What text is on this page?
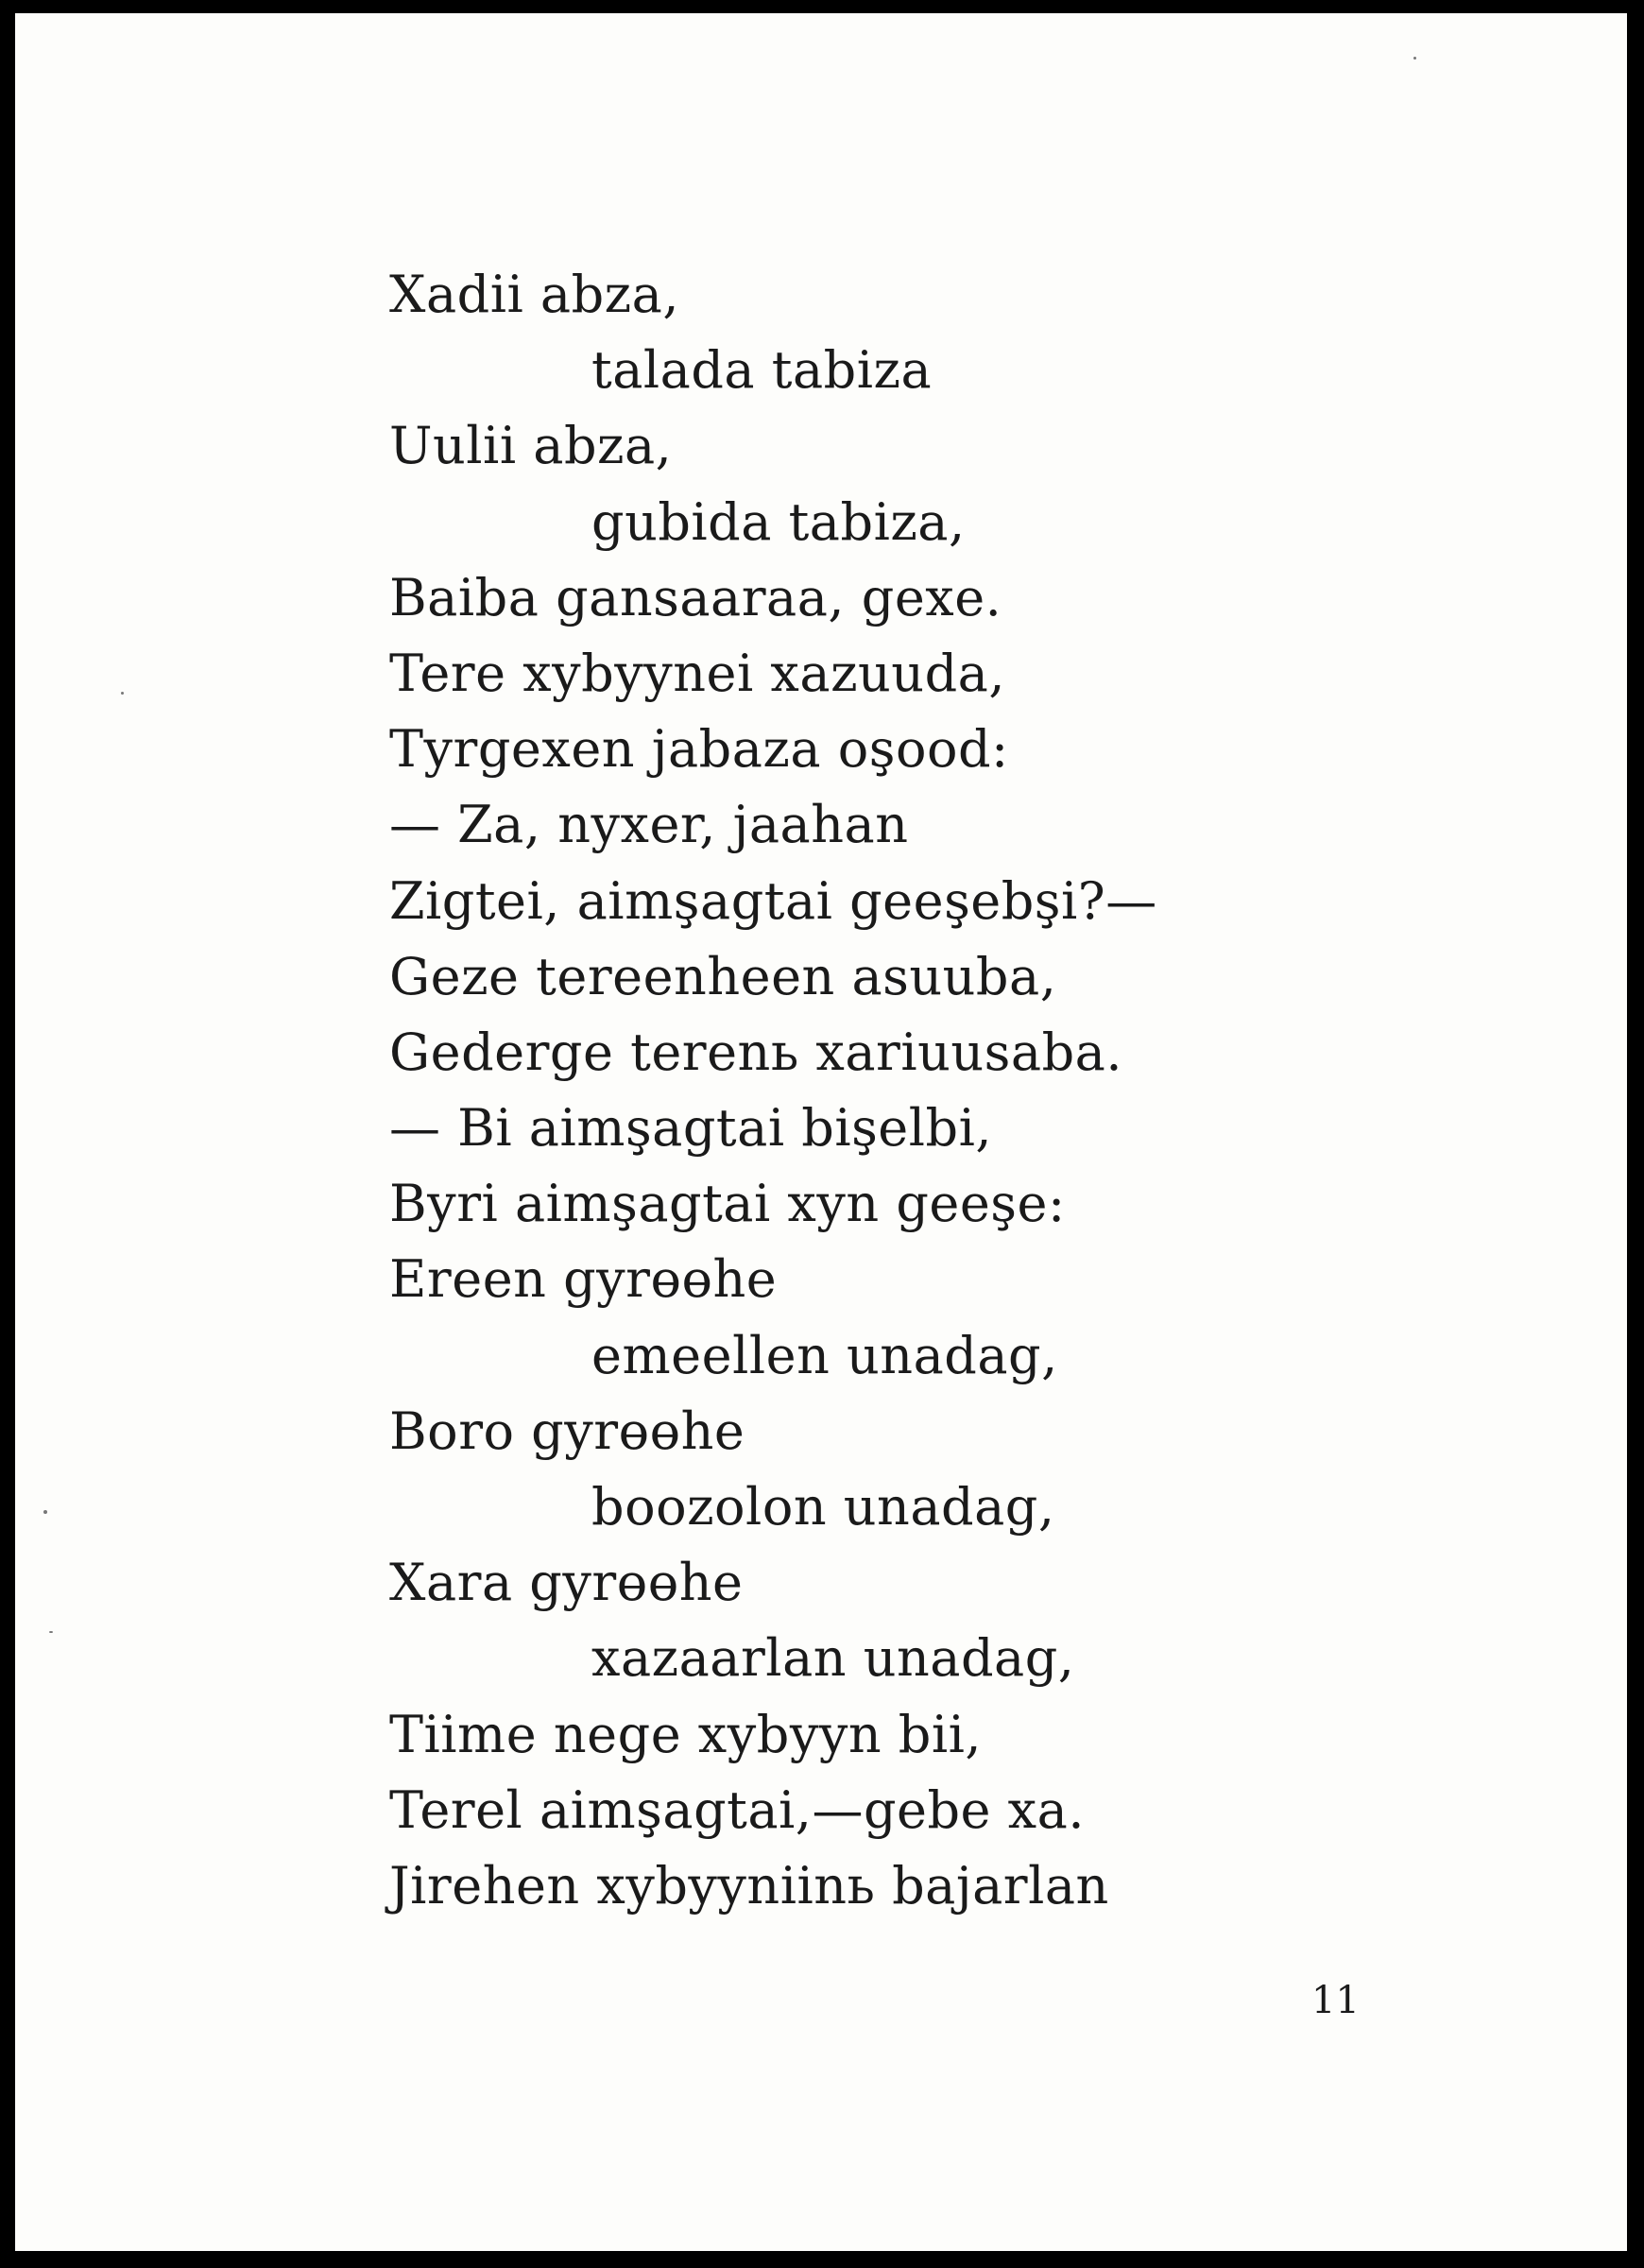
Xadii abza,
talada tabiza
Uulii abza,
gubida tabiza,
Baiba gansaaraa, gexe.
Tere xybyynei xazuuda,
Tyrgexen jabaza oşood:
— Za, nyxer, jaahan
Zigtei, aimşagtai geeşebşi?—
Geze tereenheen asuuba,
Gederge terenь xariuusaba.
— Bi aimşagtai bişelbi,
Byri aimşagtai xyn geeşe:
Ereen gyrөөhe
emeellen unadag,
Boro gyrөөhe
boozolon unadag,
Xara gyrөөhe
xazaarlan unadag,
Tiime nege xybyyn bii,
Terel aimşagtai,—gebe xa.
Jirehen xybyyniinь bajarlan
11
